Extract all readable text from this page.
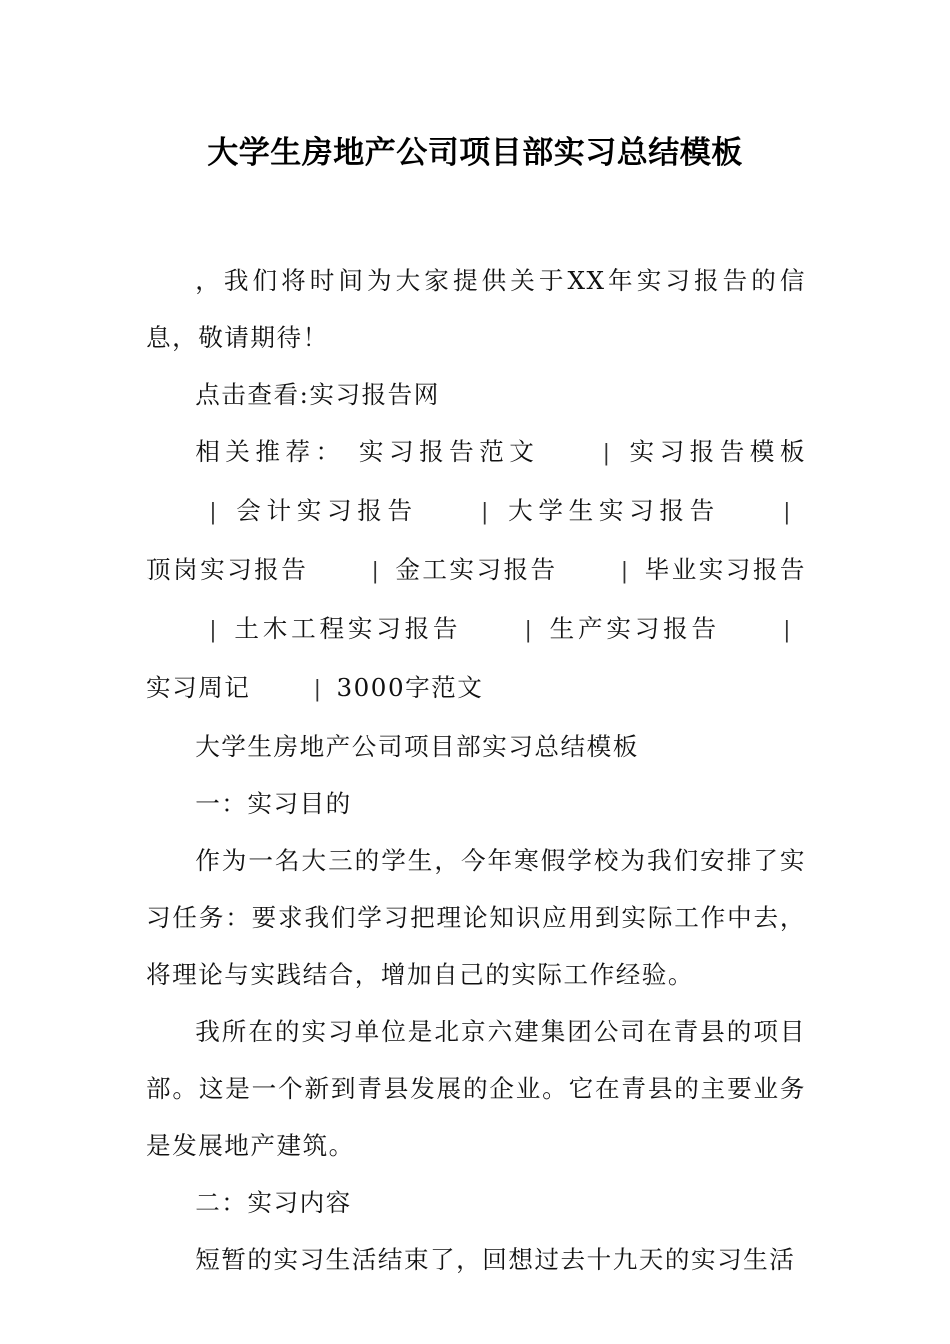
大学生房地产公司项目部实习总结模板

，我们将时间为大家提供关于XX年实习报告的信息，敬请期待！

点击查看:实习报告网

相关推荐： 实习报告范文	| 实习报告模板| 会计实习报告	| 大学生实习报告	|顶岗实习报告	| 金工实习报告	| 毕业实习报告| 土木工程实习报告	| 生产实习报告	|实习周记	| 3000字范文

大学生房地产公司项目部实习总结模板

一：实习目的

作为一名大三的学生，今年寒假学校为我们安排了实习任务：要求我们学习把理论知识应用到实际工作中去，将理论与实践结合，增加自己的实际工作经验。

我所在的实习单位是北京六建集团公司在青县的项目部。这是一个新到青县发展的企业。它在青县的主要业务是发展地产建筑。

二：实习内容

短暂的实习生活结束了，回想过去十九天的实习生活
